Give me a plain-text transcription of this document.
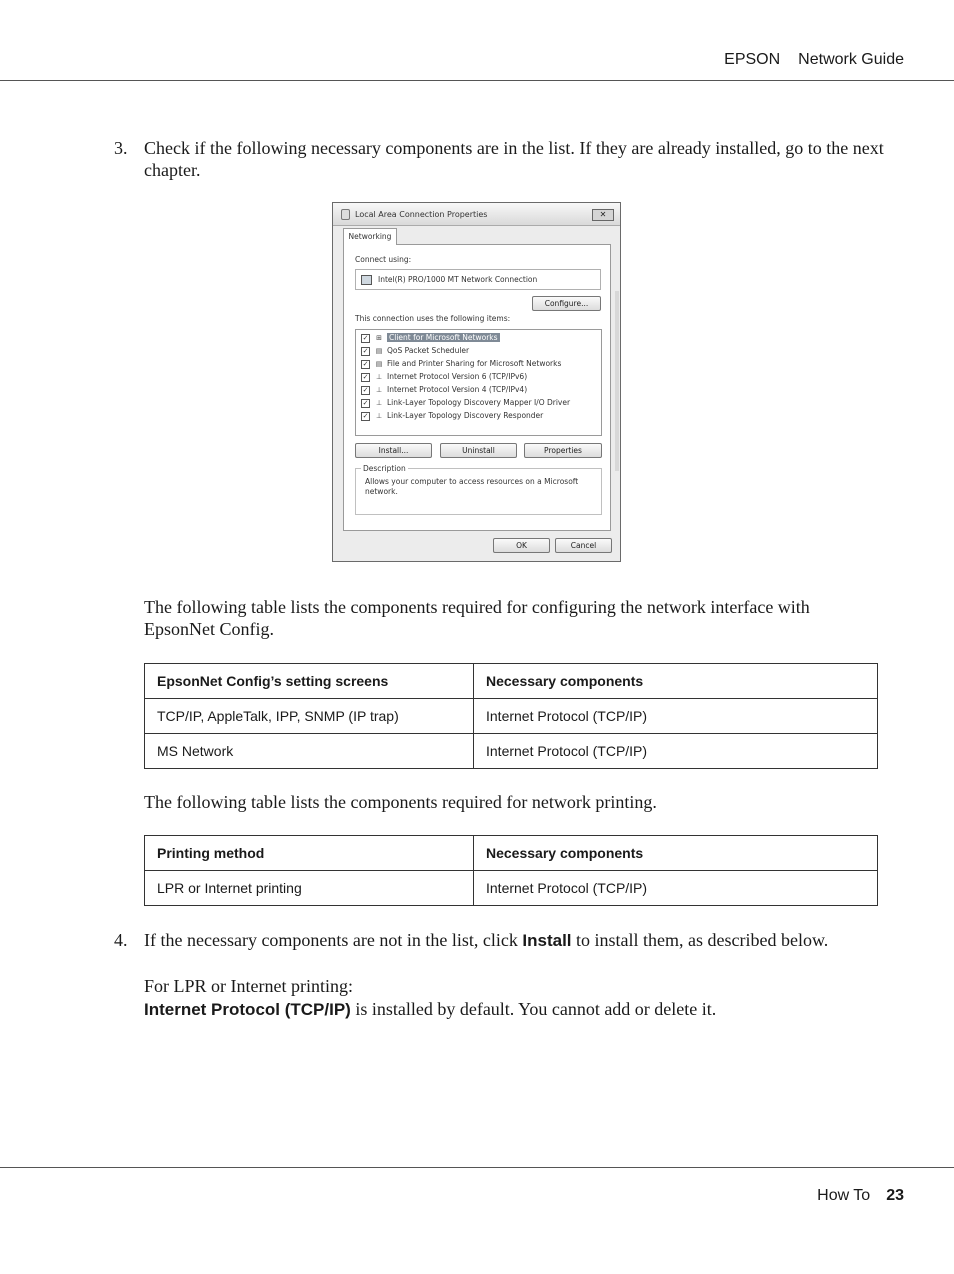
EPSON Network Guide
3. Check if the following necessary components are in the list. If they are already installed, go to the next chapter.
Local Area Connection Properties	✕
Networking
Connect using:
Intel(R) PRO/1000 MT Network Connection
Configure...
This connection uses the following items:
✓ ⊞ Client for Microsoft Networks
✓ ▤ QoS Packet Scheduler
✓ ▤ File and Printer Sharing for Microsoft Networks
✓ ⊥ Internet Protocol Version 6 (TCP/IPv6)
✓ ⊥ Internet Protocol Version 4 (TCP/IPv4)
✓ ⊥ Link-Layer Topology Discovery Mapper I/O Driver
✓ ⊥ Link-Layer Topology Discovery Responder
Install...	Uninstall	Properties
Description
Allows your computer to access resources on a Microsoft network.
OK	Cancel
The following table lists the components required for configuring the network interface with EpsonNet Config.
EpsonNet Config’s setting screens	Necessary components
TCP/IP, AppleTalk, IPP, SNMP (IP trap)	Internet Protocol (TCP/IP)
MS Network	Internet Protocol (TCP/IP)
The following table lists the components required for network printing.
Printing method	Necessary components
LPR or Internet printing	Internet Protocol (TCP/IP)
4. If the necessary components are not in the list, click Install to install them, as described below.
For LPR or Internet printing:
Internet Protocol (TCP/IP) is installed by default. You cannot add or delete it.
How To 23
